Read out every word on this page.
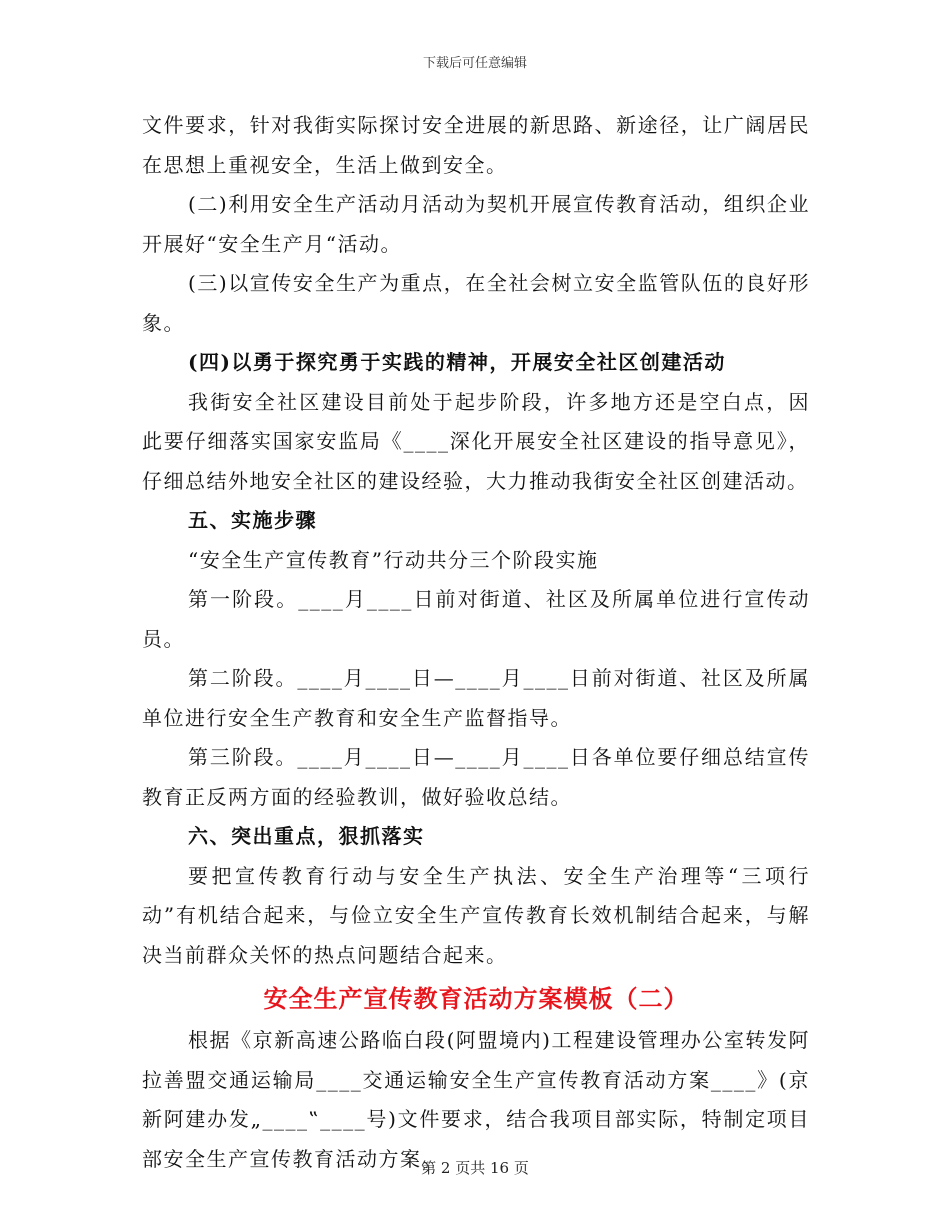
下载后可任意编辑

文件要求，针对我街实际探讨安全进展的新思路、新途径，让广阔居民在思想上重视安全，生活上做到安全。

(二)利用安全生产活动月活动为契机开展宣传教育活动，组织企业开展好“安全生产月“活动。

(三)以宣传安全生产为重点，在全社会树立安全监管队伍的良好形象。

(四)以勇于探究勇于实践的精神，开展安全社区创建活动

我街安全社区建设目前处于起步阶段，许多地方还是空白点，因此要仔细落实国家安监局《____深化开展安全社区建设的指导意见》，仔细总结外地安全社区的建设经验，大力推动我街安全社区创建活动。

五、实施步骤

“安全生产宣传教育”行动共分三个阶段实施

第一阶段。____月____日前对街道、社区及所属单位进行宣传动员。

第二阶段。____月____日—____月____日前对街道、社区及所属单位进行安全生产教育和安全生产监督指导。

第三阶段。____月____日—____月____日各单位要仔细总结宣传教育正反两方面的经验教训，做好验收总结。

六、突出重点，狠抓落实

要把宣传教育行动与安全生产执法、安全生产治理等“三项行动”有机结合起来，与俭立安全生产宣传教育长效机制结合起来，与解决当前群众关怀的热点问题结合起来。

安全生产宣传教育活动方案模板（二）

根据《京新高速公路临白段(阿盟境内)工程建设管理办公室转发阿拉善盟交通运输局____交通运输安全生产宣传教育活动方案____》(京新阿建办发„____‟____号)文件要求，结合我项目部实际，特制定项目部安全生产宣传教育活动方案。

第 2 页共 16 页
